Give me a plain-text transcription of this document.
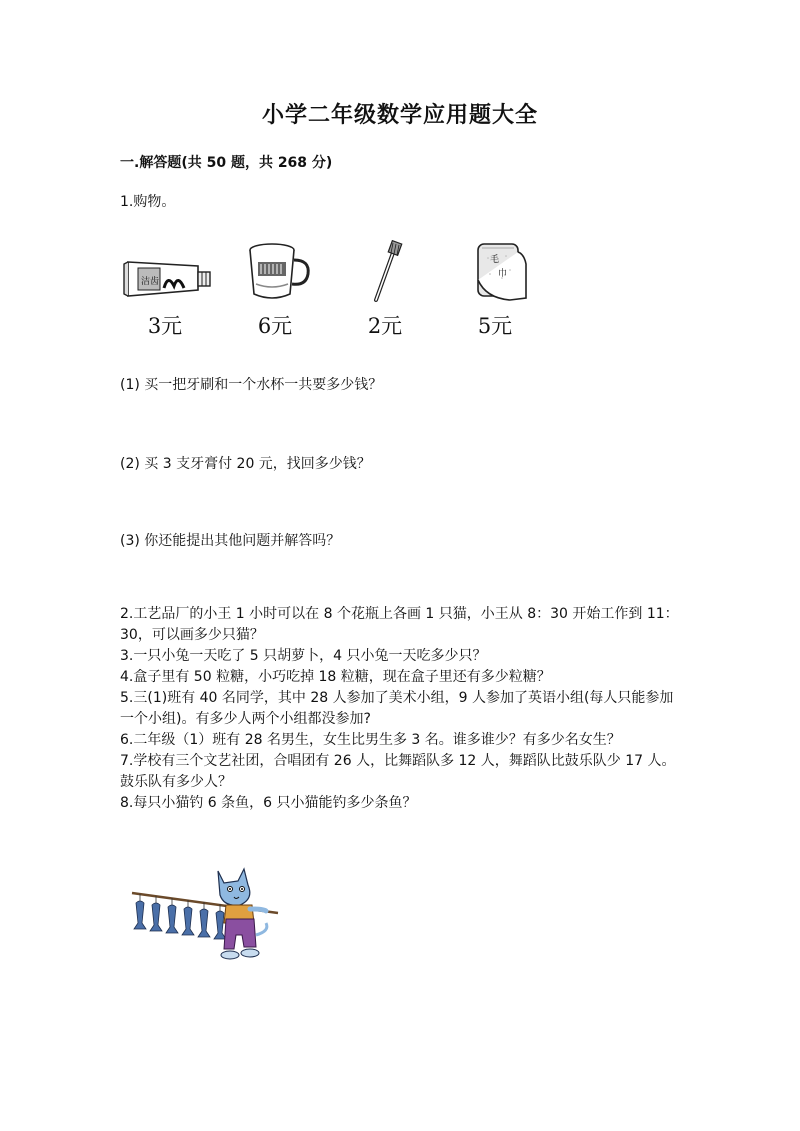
小学二年级数学应用题大全
一.解答题(共 50 题，共 268 分)
1.购物。
洁齿
3元	6元	2元
毛
巾
5元
(1) 买一把牙刷和一个水杯一共要多少钱？
(2) 买 3 支牙膏付 20 元，找回多少钱？
(3) 你还能提出其他问题并解答吗？

2.工艺品厂的小王 1 小时可以在 8 个花瓶上各画 1 只猫，小王从 8：30 开始工作到 11：30，可以画多少只猫？

3.一只小兔一天吃了 5 只胡萝卜，4 只小兔一天吃多少只？

4.盒子里有 50 粒糖，小巧吃掉 18 粒糖，现在盒子里还有多少粒糖？

5.三(1)班有 40 名同学，其中 28 人参加了美术小组，9 人参加了英语小组(每人只能参加一个小组)。有多少人两个小组都没参加?

6.二年级（1）班有 28 名男生，女生比男生多 3 名。谁多谁少？有多少名女生？

7.学校有三个文艺社团，合唱团有 26 人，比舞蹈队多 12 人，舞蹈队比鼓乐队少 17 人。鼓乐队有多少人？

8.每只小猫钓 6 条鱼，6 只小猫能钓多少条鱼？
